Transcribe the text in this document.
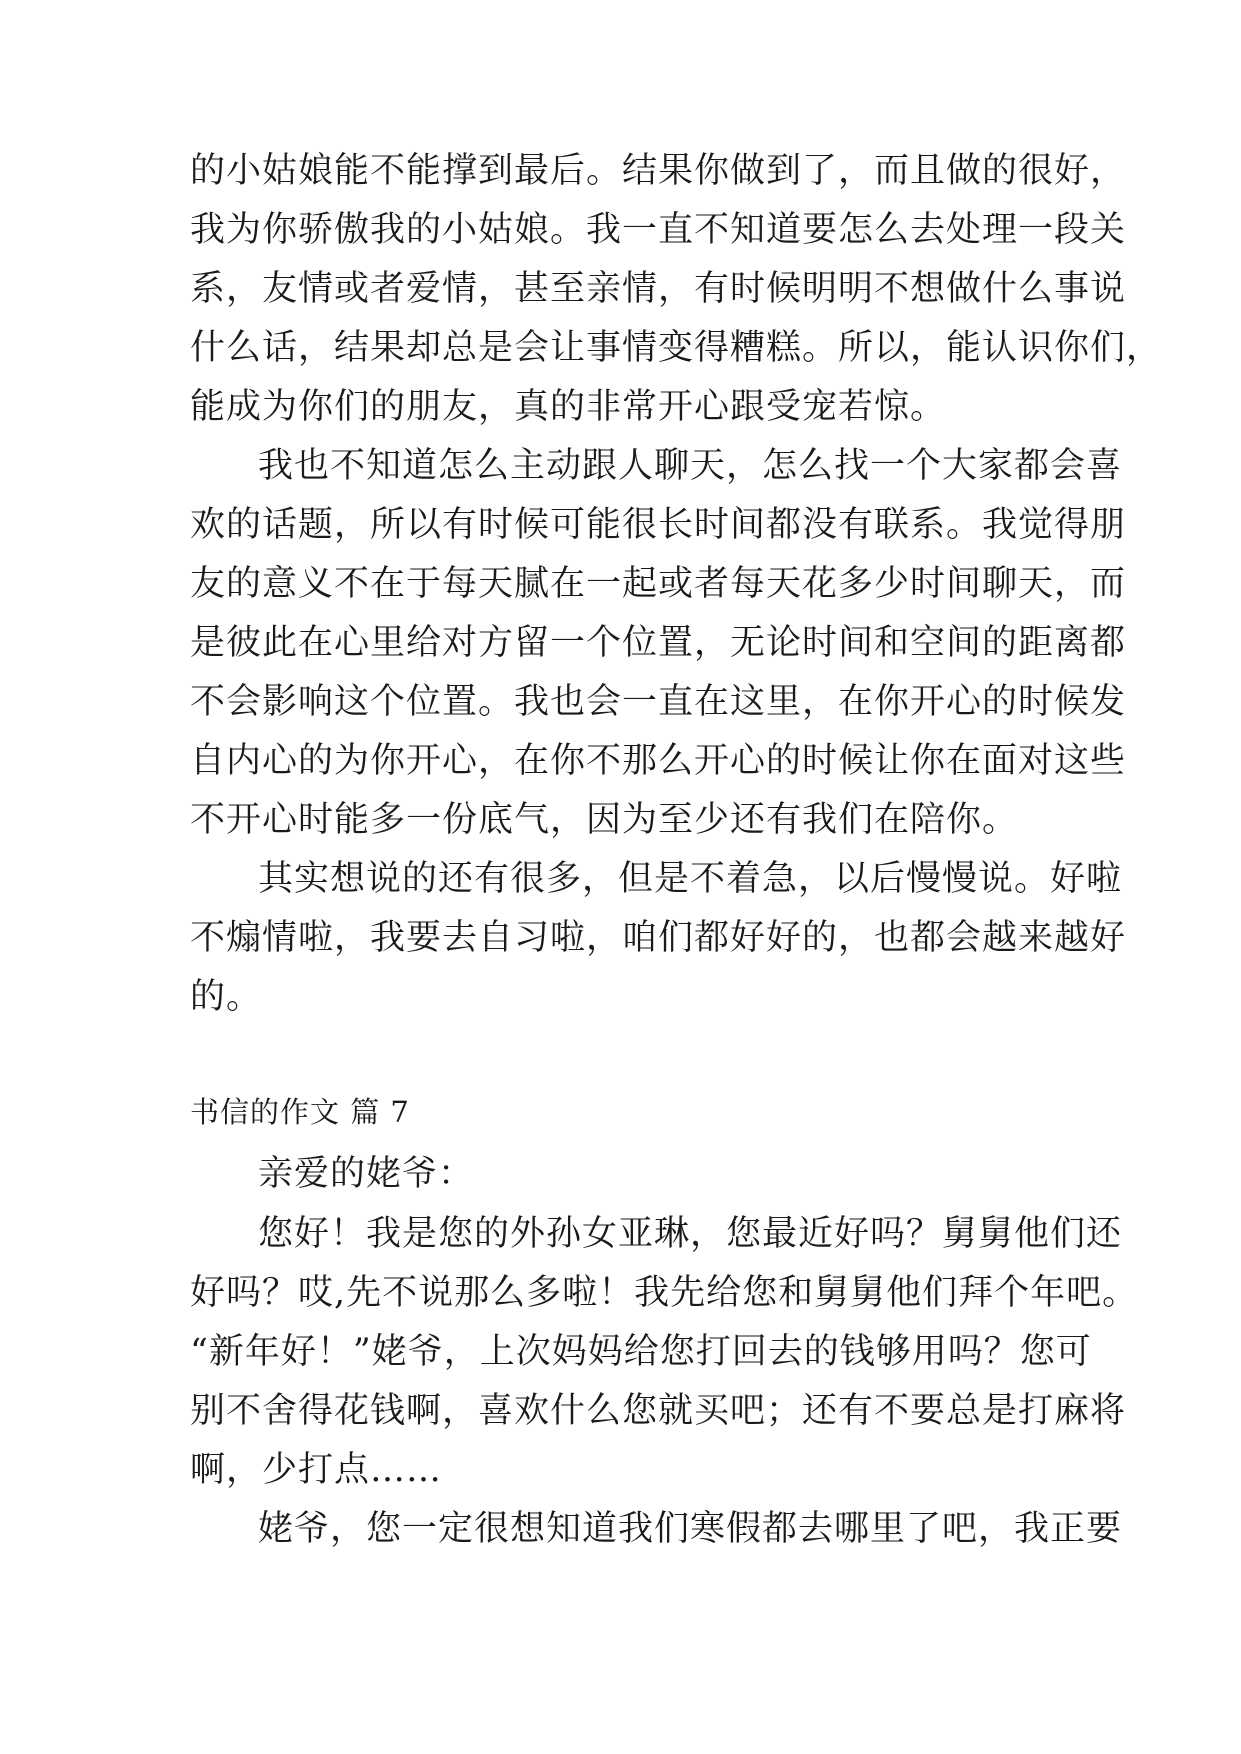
的小姑娘能不能撑到最后。结果你做到了，而且做的很好，
我为你骄傲我的小姑娘。我一直不知道要怎么去处理一段关
系，友情或者爱情，甚至亲情，有时候明明不想做什么事说
什么话，结果却总是会让事情变得糟糕。所以，能认识你们，
能成为你们的朋友，真的非常开心跟受宠若惊。
我也不知道怎么主动跟人聊天，怎么找一个大家都会喜
欢的话题，所以有时候可能很长时间都没有联系。我觉得朋
友的意义不在于每天腻在一起或者每天花多少时间聊天，而
是彼此在心里给对方留一个位置，无论时间和空间的距离都
不会影响这个位置。我也会一直在这里，在你开心的时候发
自内心的为你开心，在你不那么开心的时候让你在面对这些
不开心时能多一份底气，因为至少还有我们在陪你。
其实想说的还有很多，但是不着急，以后慢慢说。好啦
不煽情啦，我要去自习啦，咱们都好好的，也都会越来越好
的。
书信的作文 篇 7
亲爱的姥爷：
您好！我是您的外孙女亚琳，您最近好吗？舅舅他们还
好吗？哎,先不说那么多啦！我先给您和舅舅他们拜个年吧。
“新年好！”姥爷，上次妈妈给您打回去的钱够用吗？您可
别不舍得花钱啊，喜欢什么您就买吧；还有不要总是打麻将
啊，少打点……
姥爷，您一定很想知道我们寒假都去哪里了吧，我正要
